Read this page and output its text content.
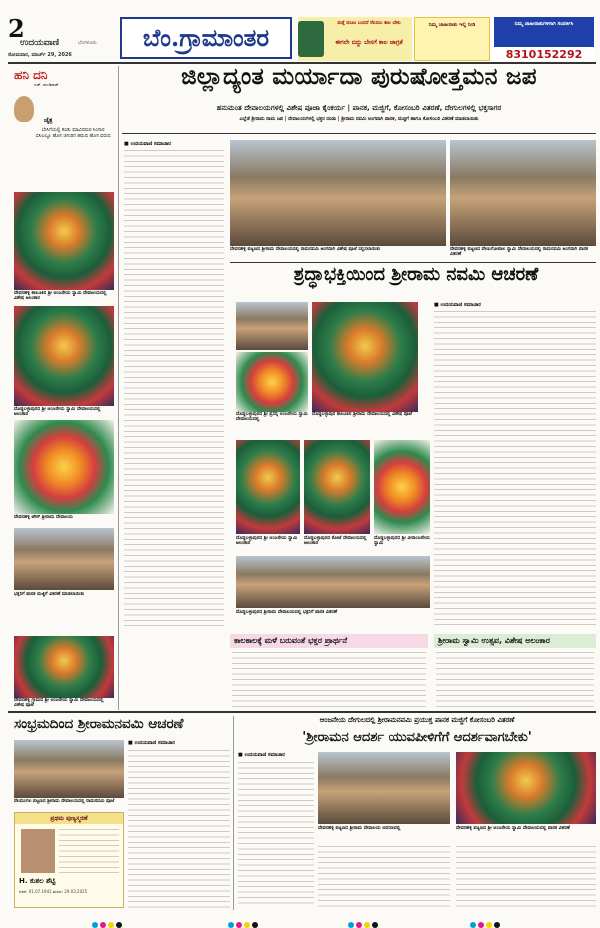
2
ಉದಯವಾಣಿ	ಬೆಂಗಳೂರು
ಸೋಮವಾರ, ಮಾರ್ಚ್ 29, 2026
ಬೆಂ.ಗ್ರಾಮಾಂತರ	ಮತ್ತೆ ಬಿಸಿಲು ಬಂದರೆ ನೆಲಸಲು ಕಾಲ ಬೇಕು
ಈಗಲೇ ಬಿದ್ದು ಬೇಸಗೆ ಕಾಲ ಜಾಗ್ರತೆ
ನಿಮ್ಮ ಜಾಹೀರಾತು ಇಲ್ಲಿ ನೀಡಿ	ನಿಮ್ಮ ಜಾಹೀರಾತುಗಳಿಗಾಗಿ ಸಂಪರ್ಕಿಸಿ
8310152292
ಹನಿ ದನಿ
ಎಚ್. ಡುಂಡಿರಾಜ್
ಚೈತ್ರ
ಬೇಸಿಗೆಯಲ್ಲಿ ಕಂಡು ಮಾವಿನಮರ ಸಿಂಗಾರ ಬಿಸಿಲಲ್ಲೂ ಹೊಸ ಚಿಗುರಿನ ಹರುಷ ಹೊಸ ವರುಷ
ಜಿಲ್ಲಾದ್ಯಂತ ಮರ್ಯಾದಾ ಪುರುಷೋತ್ತಮನ ಜಪ
ಹನುಮಂತ ದೇವಾಲಯಗಳಲ್ಲಿ ವಿಶೇಷ ಪೂಜಾ ಕೈಂಕರ್ಯ | ಪಾನಕ, ಮಜ್ಜಿಗೆ, ಕೋಸಂಬರಿ ವಿತರಣೆ, ದೇಗುಲಗಳಲ್ಲಿ ಭಕ್ತಸಾಗರ
ಎಲ್ಲೆಡೆ ಶ್ರೀರಾಮ ನಾಮ ಜಪ | ದೇವಾಲಯಗಳಲ್ಲಿ ಭಕ್ತರ ದಂಡು | ಶ್ರೀರಾಮ ನವಮಿ ಅಂಗವಾಗಿ ಪಾನಕ, ಮಜ್ಜಿಗೆ ಹಾಗೂ ಕೋಸಂಬರಿ ವಿತರಣೆ ಮಾಡಲಾಯಿತು
ದೇವನಹಳ್ಳಿ ತಾಲೂಕಿನ ಶ್ರೀ ಆಂಜನೇಯ ಸ್ವಾಮಿ ದೇವಾಲಯದಲ್ಲಿ ವಿಶೇಷ ಅಲಂಕಾರ
ದೊಡ್ಡಬಳ್ಳಾಪುರದ ಶ್ರೀ ಆಂಜನೇಯ ಸ್ವಾಮಿ ದೇವಾಲಯದಲ್ಲಿ ಅಲಂಕಾರ
ದೇವನಹಳ್ಳಿ ಟೌನ್ ಶ್ರೀರಾಮ ದೇವಾಲಯ
ಭಕ್ತರಿಗೆ ಪಾನಕ ಮಜ್ಜಿಗೆ ವಿತರಣೆ ಮಾಡಲಾಯಿತು
ದೇವನಹಳ್ಳಿ ಗ್ರಾಮದ ಶ್ರೀ ಆಂಜನೇಯ ಸ್ವಾಮಿ ದೇವಾಲಯದಲ್ಲಿ ವಿಶೇಷ ಪೂಜೆ
■ ಉದಯವಾಣಿ ಸಮಾಚಾರ
ದೇವನಹಳ್ಳಿ ಪಟ್ಟಣದ ಶ್ರೀರಾಮ ದೇವಾಲಯದಲ್ಲಿ ರಾಮನವಮಿ ಅಂಗವಾಗಿ ವಿಶೇಷ ಪೂಜೆ ಸಲ್ಲಿಸಲಾಯಿತು	ದೇವನಹಳ್ಳಿ ಪಟ್ಟಣದ ವೇಣುಗೋಪಾಲ ಸ್ವಾಮಿ ದೇವಾಲಯದಲ್ಲಿ ರಾಮನವಮಿ ಅಂಗವಾಗಿ ಪಾನಕ ವಿತರಣೆ
ಶ್ರದ್ಧಾಭಕ್ತಿಯಿಂದ ಶ್ರೀರಾಮ ನವಮಿ ಆಚರಣೆ
ದೊಡ್ಡಬಳ್ಳಾಪುರದ ಶ್ರೀ ಪ್ರಸನ್ನ ಆಂಜನೇಯ ಸ್ವಾಮಿ ದೇವಾಲಯದಲ್ಲಿ
ದೊಡ್ಡಬಳ್ಳಾಪುರ ತಾಲೂಕಿನ ಶ್ರೀರಾಮ ದೇವಾಲಯದಲ್ಲಿ ವಿಶೇಷ ಪೂಜೆ
ದೊಡ್ಡಬಳ್ಳಾಪುರದ ಶ್ರೀ ಆಂಜನೇಯ ಸ್ವಾಮಿ ಅಲಂಕಾರ
ದೊಡ್ಡಬಳ್ಳಾಪುರದ ಕೋಟೆ ದೇವಾಲಯದಲ್ಲಿ ಅಲಂಕಾರ
ದೊಡ್ಡಬಳ್ಳಾಪುರದ ಶ್ರೀ ವೀರಾಂಜನೇಯ ಸ್ವಾಮಿ
ದೊಡ್ಡಬಳ್ಳಾಪುರದ ಶ್ರೀರಾಮ ದೇವಾಲಯದಲ್ಲಿ ಭಕ್ತರಿಗೆ ಪಾನಕ ವಿತರಣೆ
■ ಉದಯವಾಣಿ ಸಮಾಚಾರ
ಕಾಲಕಾಲಕ್ಕೆ ಮಳೆ ಬರುವಂತೆ ಭಕ್ತರ ಪ್ರಾರ್ಥನೆ	ಶ್ರೀರಾಮ ಸ್ವಾಮಿ ಉತ್ಸವ, ವಿಶೇಷ ಅಲಂಕಾರ
ಸಂಭ್ರಮದಿಂದ ಶ್ರೀರಾಮನವಮಿ ಆಚರಣೆ
ನೆಲಮಂಗಲ ಪಟ್ಟಣದ ಶ್ರೀರಾಮ ದೇವಾಲಯದಲ್ಲಿ ರಾಮನವಮಿ ಪೂಜೆ
■ ಉದಯವಾಣಿ ಸಮಾಚಾರ
ಪ್ರಥಮ ಪುಣ್ಯಸ್ಮರಣೆ
H. ಕುಶಲ ಶೆಟ್ಟಿ
ಜನನ: 01.07.1941 ಮರಣ: 29.03.2025
ಆಂಜನೇಯ ದೇಗುಲದಲ್ಲಿ ಶ್ರೀರಾಮನವಮಿ ಪ್ರಯುಕ್ತ ಪಾನಕ ಮಜ್ಜಿಗೆ ಕೋಸಂಬರಿ ವಿತರಣೆ
'ಶ್ರೀರಾಮನ ಆದರ್ಶ ಯುವಪೀಳಿಗೆಗೆ ಆದರ್ಶವಾಗಬೇಕು'
■ ಉದಯವಾಣಿ ಸಮಾಚಾರ
ದೇವನಹಳ್ಳಿ ಪಟ್ಟಣದ ಶ್ರೀರಾಮ ದೇವಾಲಯ ಆವರಣದಲ್ಲಿ	ದೇವನಹಳ್ಳಿ ಪಟ್ಟಣದ ಶ್ರೀ ಆಂಜನೇಯ ಸ್ವಾಮಿ ದೇವಾಲಯದಲ್ಲಿ ಪಾನಕ ವಿತರಣೆ
